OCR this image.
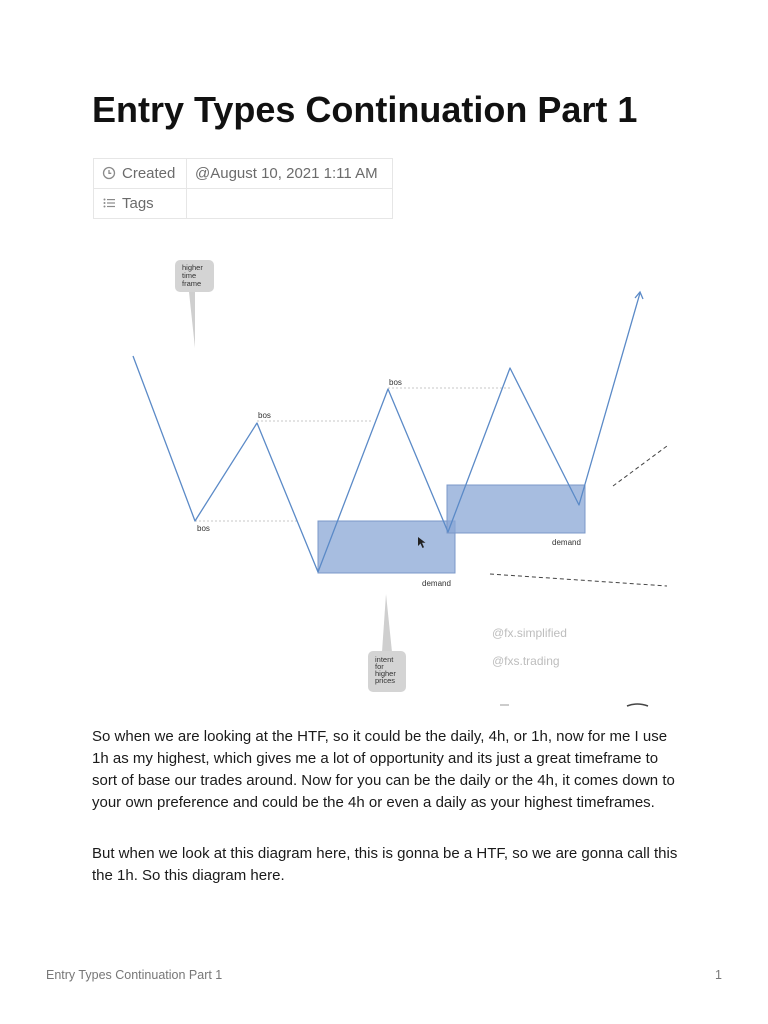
Entry Types Continuation Part 1
Created	@August 10, 2021 1:11 AM
Tags	
bos
bos
bos
demand
demand
higher
time
frame
intent
for
higher
prices
@fx.simplified
@fxs.trading

So when we are looking at the HTF, so it could be the daily, 4h, or 1h, now for me I use 1h as my highest, which gives me a lot of opportunity and its just a great timeframe to sort of base our trades around. Now for you can be the daily or the 4h, it comes down to your own preference and could be the 4h or even a daily as your highest timeframes.

But when we look at this diagram here, this is gonna be a HTF, so we are gonna call this the 1h. So this diagram here.

Entry Types Continuation Part 1	1
